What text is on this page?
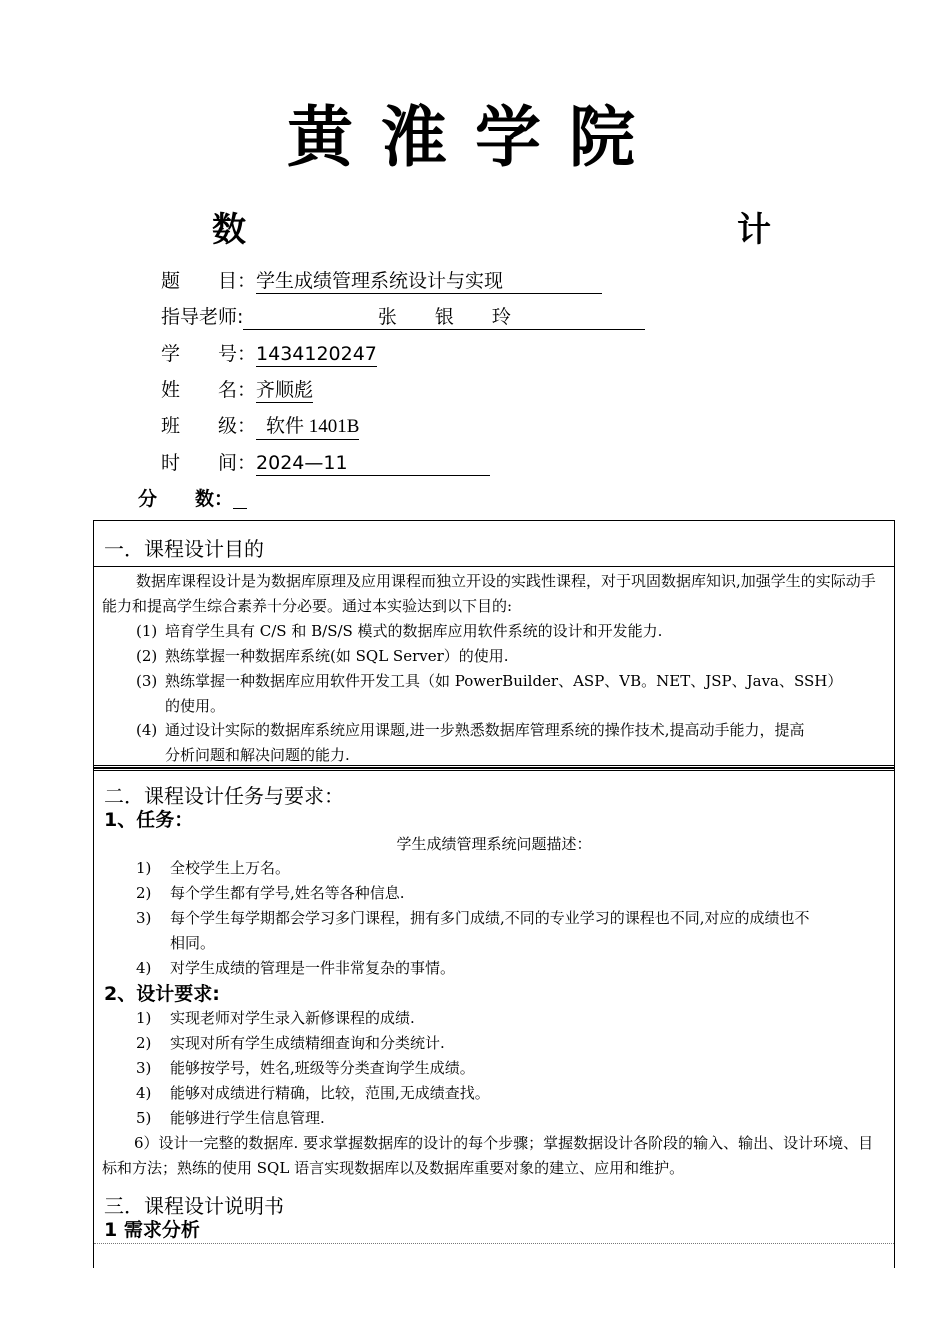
黄淮学院
数	计
题　　目：学生成绩管理系统设计与实现
指导老师:	张　　银　　玲
学　　号：1434120247
姓　　名：齐顺彪
班　　级： 软件 1401B
时　　间：2024—11
分　　数：
一．课程设计目的
数据库课程设计是为数据库原理及应用课程而独立开设的实践性课程，对于巩固数据库知识,加强学生的实际动手能力和提高学生综合素养十分必要。通过本实验达到以下目的:
(1) 培育学生具有 C/S 和 B/S/S 模式的数据库应用软件系统的设计和开发能力.
(2) 熟练掌握一种数据库系统(如 SQL Server）的使用.
(3) 熟练掌握一种数据库应用软件开发工具（如 PowerBuilder、ASP、VB。NET、JSP、Java、SSH）
的使用。
(4) 通过设计实际的数据库系统应用课题,进一步熟悉数据库管理系统的操作技术,提高动手能力，提高
分析问题和解决问题的能力.
二．课程设计任务与要求：
1、任务：
学生成绩管理系统问题描述：
1) 全校学生上万名。
2) 每个学生都有学号,姓名等各种信息.
3) 每个学生每学期都会学习多门课程，拥有多门成绩,不同的专业学习的课程也不同,对应的成绩也不
相同。
4) 对学生成绩的管理是一件非常复杂的事情。
2、设计要求:
1) 实现老师对学生录入新修课程的成绩.
2) 实现对所有学生成绩精细查询和分类统计.
3) 能够按学号，姓名,班级等分类查询学生成绩。
4) 能够对成绩进行精确，比较，范围,无成绩查找。
5) 能够进行学生信息管理.
6）设计一完整的数据库. 要求掌握数据库的设计的每个步骤；掌握数据设计各阶段的输入、输出、设计环境、目标和方法；熟练的使用 SQL 语言实现数据库以及数据库重要对象的建立、应用和维护。
三．课程设计说明书
1 需求分析
